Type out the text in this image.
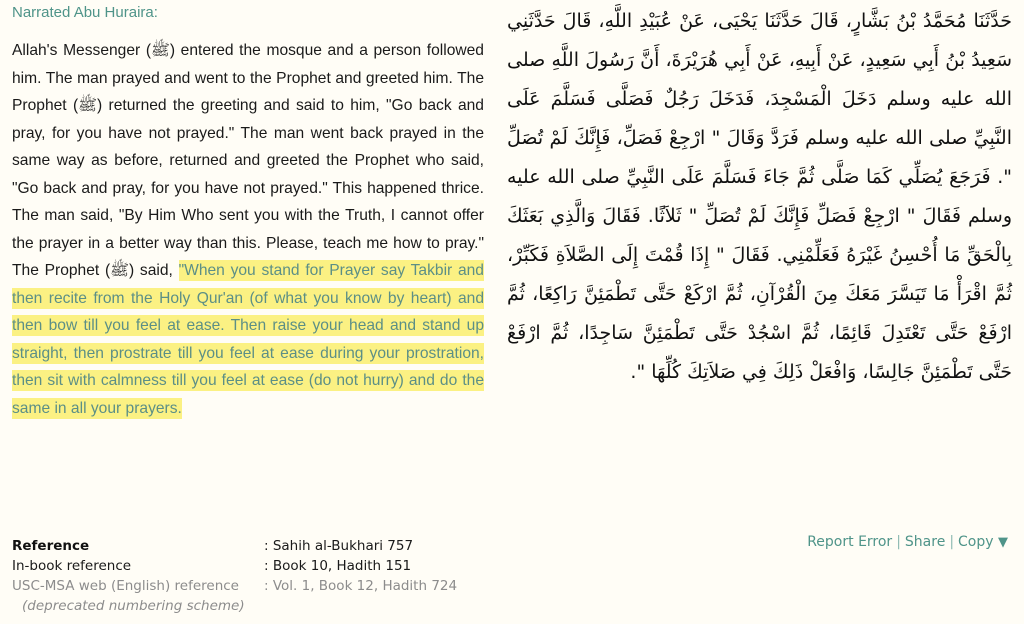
Narrated Abu Huraira:

Allah's Messenger (ﷺ) entered the mosque and a person followed him. The man prayed and went to the Prophet and greeted him. The Prophet (ﷺ) returned the greeting and said to him, "Go back and pray, for you have not prayed." The man went back prayed in the same way as before, returned and greeted the Prophet who said, "Go back and pray, for you have not prayed." This happened thrice. The man said, "By Him Who sent you with the Truth, I cannot offer the prayer in a better way than this. Please, teach me how to pray." The Prophet (ﷺ) said, "When you stand for Prayer say Takbir and then recite from the Holy Qur'an (of what you know by heart) and then bow till you feel at ease. Then raise your head and stand up straight, then prostrate till you feel at ease during your prostration, then sit with calmness till you feel at ease (do not hurry) and do the same in all your prayers.

حَدَّثَنَا مُحَمَّدُ بْنُ بَشَّارٍ، قَالَ حَدَّثَنَا يَحْيَى، عَنْ عُبَيْدِ اللَّهِ، قَالَ حَدَّثَنِي سَعِيدُ بْنُ أَبِي سَعِيدٍ، عَنْ أَبِيهِ، عَنْ أَبِي هُرَيْرَةَ، أَنَّ رَسُولَ اللَّهِ صلى الله عليه وسلم دَخَلَ الْمَسْجِدَ، فَدَخَلَ رَجُلٌ فَصَلَّى فَسَلَّمَ عَلَى النَّبِيِّ صلى الله عليه وسلم فَرَدَّ وَقَالَ " ارْجِعْ فَصَلِّ، فَإِنَّكَ لَمْ تُصَلِّ ". فَرَجَعَ يُصَلِّي كَمَا صَلَّى ثُمَّ جَاءَ فَسَلَّمَ عَلَى النَّبِيِّ صلى الله عليه وسلم فَقَالَ " ارْجِعْ فَصَلِّ فَإِنَّكَ لَمْ تُصَلِّ " ثَلاَثًا. فَقَالَ وَالَّذِي بَعَثَكَ بِالْحَقِّ مَا أُحْسِنُ غَيْرَهُ فَعَلِّمْنِي. فَقَالَ " إِذَا قُمْتَ إِلَى الصَّلاَةِ فَكَبِّرْ، ثُمَّ اقْرَأْ مَا تَيَسَّرَ مَعَكَ مِنَ الْقُرْآنِ، ثُمَّ ارْكَعْ حَتَّى تَطْمَئِنَّ رَاكِعًا، ثُمَّ ارْفَعْ حَتَّى تَعْتَدِلَ قَائِمًا، ثُمَّ اسْجُدْ حَتَّى تَطْمَئِنَّ سَاجِدًا، ثُمَّ ارْفَعْ حَتَّى تَطْمَئِنَّ جَالِسًا، وَافْعَلْ ذَلِكَ فِي صَلاَتِكَ كُلِّهَا ".

Reference	: Sahih al-Bukhari 757
In-book reference	: Book 10, Hadith 151
USC-MSA web (English) reference	: Vol. 1, Book 12, Hadith 724
(deprecated numbering scheme)
Report Error | Share | Copy ▼
